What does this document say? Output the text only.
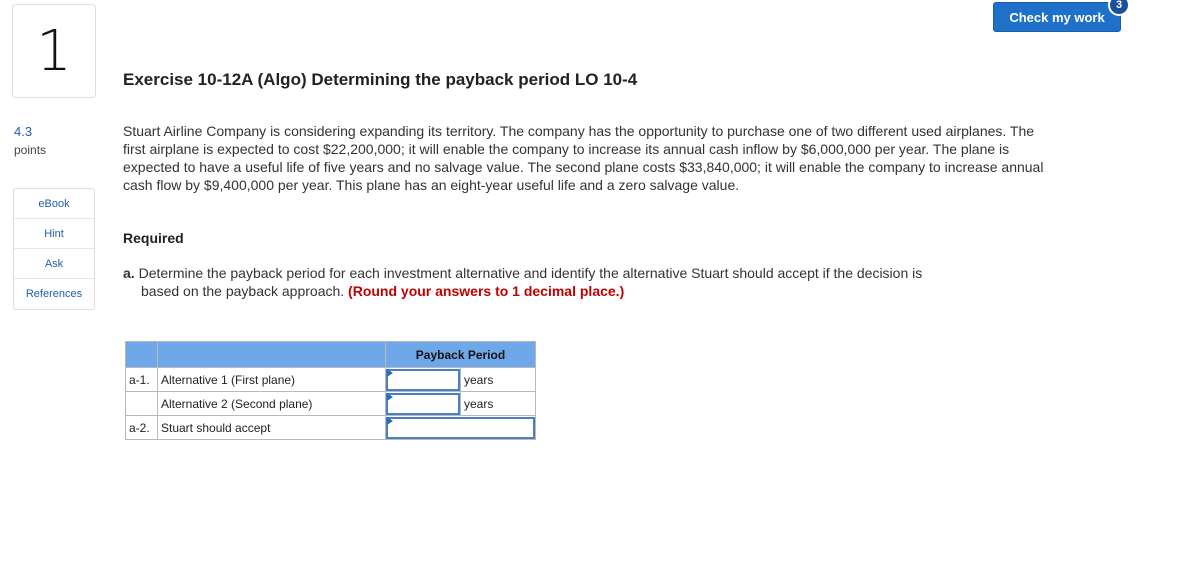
1
4.3
points
eBook
Hint
Ask
References
Check my work
3
Exercise 10-12A (Algo) Determining the payback period LO 10-4
Stuart Airline Company is considering expanding its territory. The company has the opportunity to purchase one of two different used airplanes. The first airplane is expected to cost $22,200,000; it will enable the company to increase its annual cash inflow by $6,000,000 per year. The plane is expected to have a useful life of five years and no salvage value. The second plane costs $33,840,000; it will enable the company to increase annual cash flow by $9,400,000 per year. This plane has an eight-year useful life and a zero salvage value.
Required
a. Determine the payback period for each investment alternative and identify the alternative Stuart should accept if the decision is
based on the payback approach. (Round your answers to 1 decimal place.)
		Payback Period	
a-1.	Alternative 1 (First plane)		years
	Alternative 2 (Second plane)		years
a-2.	Stuart should accept	
